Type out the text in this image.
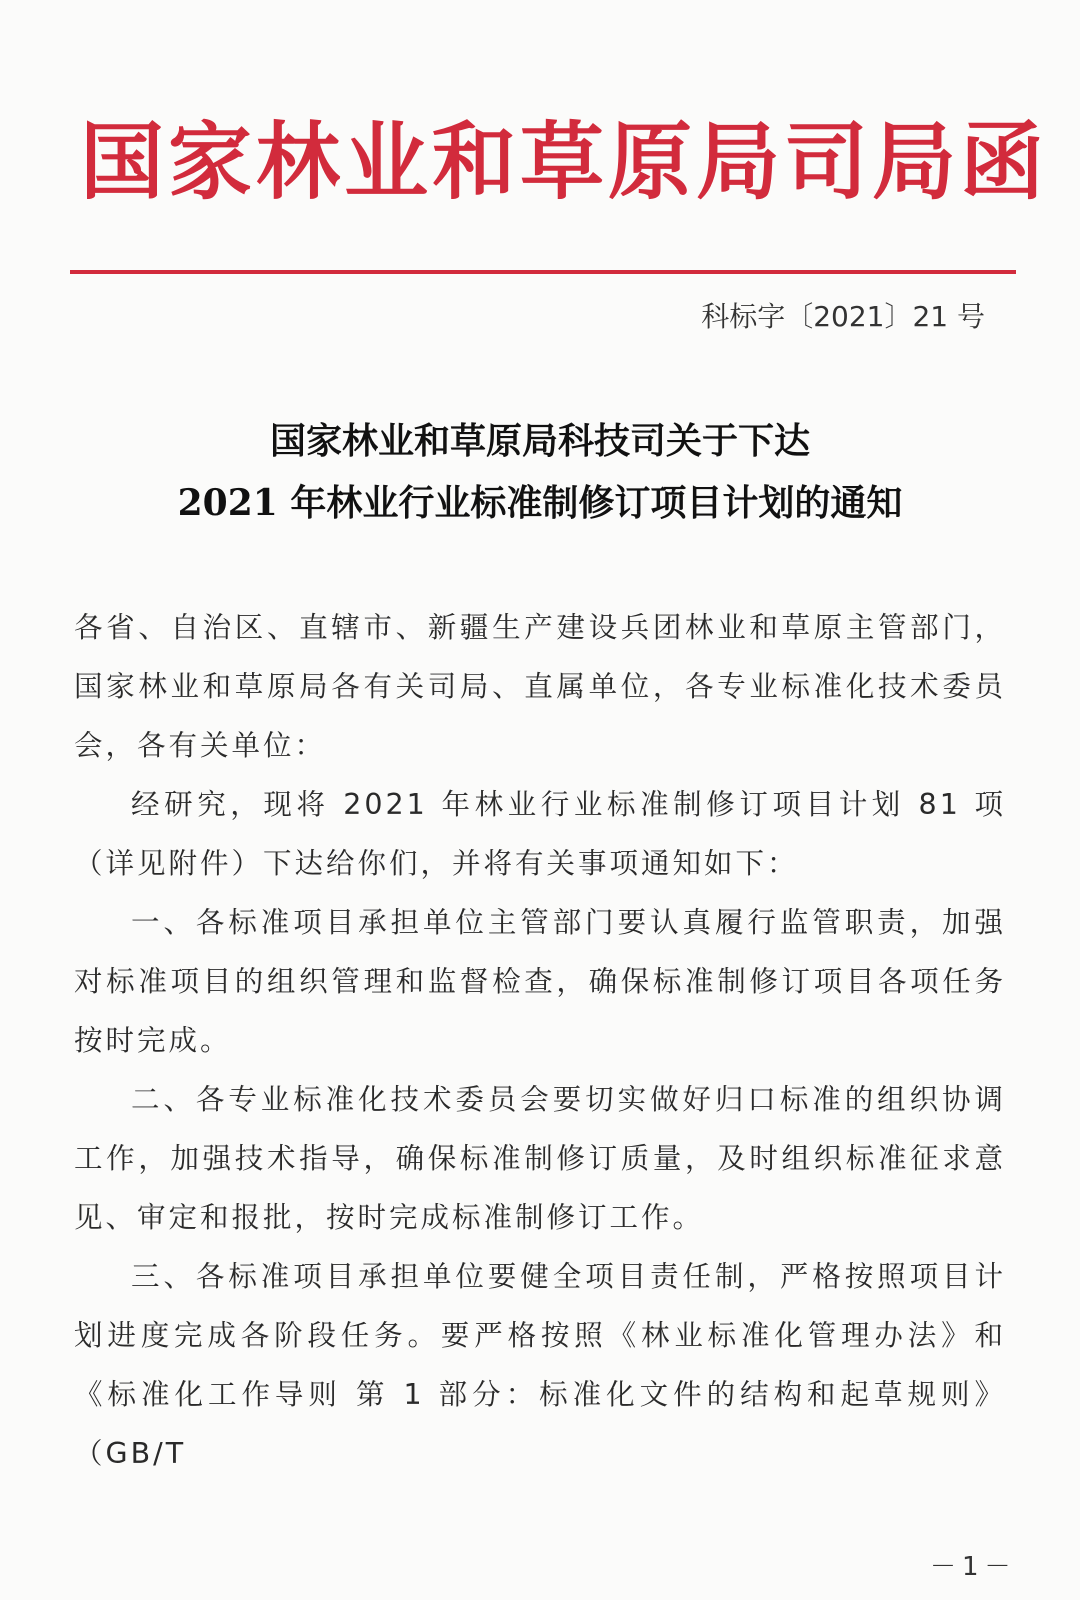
国家林业和草原局司局函
科标字〔2021〕21 号
国家林业和草原局科技司关于下达
2021 年林业行业标准制修订项目计划的通知

各省、自治区、直辖市、新疆生产建设兵团林业和草原主管部门，国家林业和草原局各有关司局、直属单位，各专业标准化技术委员会，各有关单位：

经研究，现将 2021 年林业行业标准制修订项目计划 81 项（详见附件）下达给你们，并将有关事项通知如下：

一、各标准项目承担单位主管部门要认真履行监管职责，加强对标准项目的组织管理和监督检查，确保标准制修订项目各项任务按时完成。

二、各专业标准化技术委员会要切实做好归口标准的组织协调工作，加强技术指导，确保标准制修订质量，及时组织标准征求意见、审定和报批，按时完成标准制修订工作。

三、各标准项目承担单位要健全项目责任制，严格按照项目计划进度完成各阶段任务。要严格按照《林业标准化管理办法》和《标准化工作导则 第 1 部分：标准化文件的结构和起草规则》（GB/T

－1－
